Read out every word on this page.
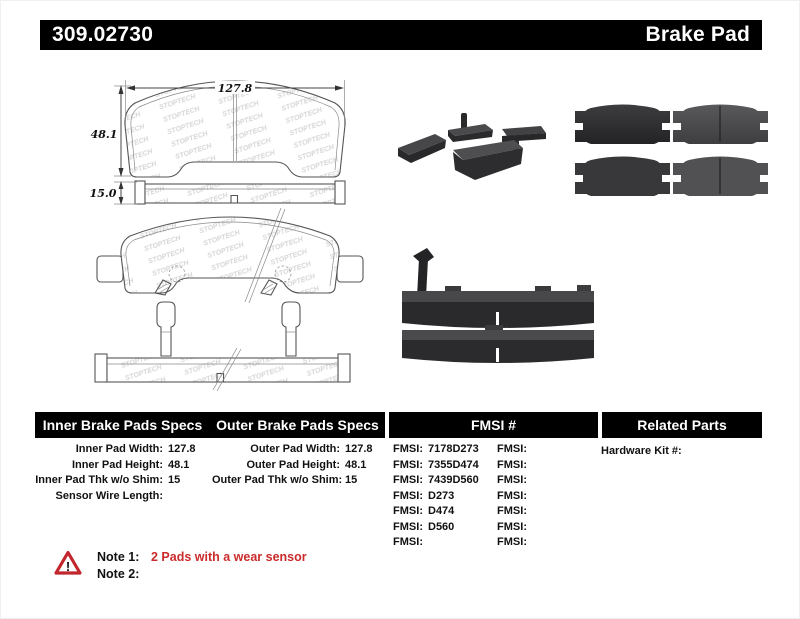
309.02730	Brake Pad
127.8
48.1
15.0
Inner Brake Pads Specs Outer Brake Pads Specs	FMSI #	Related Parts
Inner Pad Width: 127.8
Inner Pad Height: 48.1
Inner Pad Thk w/o Shim: 15
Sensor Wire Length:
Outer Pad Width: 127.8
Outer Pad Height: 48.1
Outer Pad Thk w/o Shim: 15
FMSI: 7178D273
FMSI: 7355D474
FMSI: 7439D560
FMSI: D273
FMSI: D474
FMSI: D560
FMSI:
FMSI:
FMSI:
FMSI:
FMSI:
FMSI:
FMSI:
FMSI:
Hardware Kit #:
!
Note 1: 2 Pads with a wear sensor
Note 2:
